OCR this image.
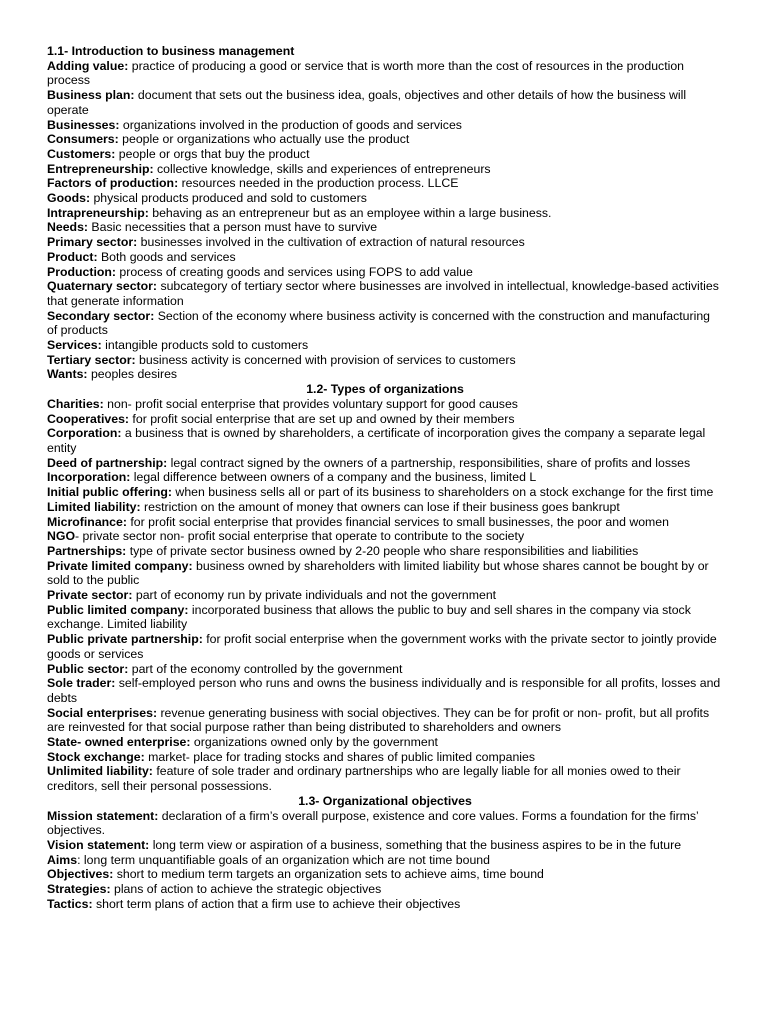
1.1- Introduction to business management

Adding value: practice of producing a good or service that is worth more than the cost of resources in the production process

Business plan: document that sets out the business idea, goals, objectives and other details of how the business will operate

Businesses: organizations involved in the production of goods and services

Consumers: people or organizations who actually use the product

Customers: people or orgs that buy the product

Entrepreneurship: collective knowledge, skills and experiences of entrepreneurs

Factors of production: resources needed in the production process. LLCE

Goods: physical products produced and sold to customers

Intrapreneurship: behaving as an entrepreneur but as an employee within a large business.

Needs: Basic necessities that a person must have to survive

Primary sector: businesses involved in the cultivation of extraction of natural resources

Product: Both goods and services

Production: process of creating goods and services using FOPS to add value

Quaternary sector: subcategory of tertiary sector where businesses are involved in intellectual, knowledge-based activities that generate information

Secondary sector: Section of the economy where business activity is concerned with the construction and manufacturing of products

Services: intangible products sold to customers

Tertiary sector: business activity is concerned with provision of services to customers

Wants: peoples desires

1.2- Types of organizations

Charities: non- profit social enterprise that provides voluntary support for good causes

Cooperatives: for profit social enterprise that are set up and owned by their members

Corporation: a business that is owned by shareholders, a certificate of incorporation gives the company a separate legal entity

Deed of partnership: legal contract signed by the owners of a partnership, responsibilities, share of profits and losses

Incorporation: legal difference between owners of a company and the business, limited L

Initial public offering: when business sells all or part of its business to shareholders on a stock exchange for the first time

Limited liability: restriction on the amount of money that owners can lose if their business goes bankrupt

Microfinance: for profit social enterprise that provides financial services to small businesses, the poor and women

NGO- private sector non- profit social enterprise that operate to contribute to the society

Partnerships: type of private sector business owned by 2-20 people who share responsibilities and liabilities

Private limited company: business owned by shareholders with limited liability but whose shares cannot be bought by or sold to the public

Private sector: part of economy run by private individuals and not the government

Public limited company: incorporated business that allows the public to buy and sell shares in the company via stock exchange. Limited liability

Public private partnership: for profit social enterprise when the government works with the private sector to jointly provide goods or services

Public sector: part of the economy controlled by the government

Sole trader: self-employed person who runs and owns the business individually and is responsible for all profits, losses and debts

Social enterprises: revenue generating business with social objectives. They can be for profit or non- profit, but all profits are reinvested for that social purpose rather than being distributed to shareholders and owners

State- owned enterprise: organizations owned only by the government

Stock exchange: market- place for trading stocks and shares of public limited companies

Unlimited liability: feature of sole trader and ordinary partnerships who are legally liable for all monies owed to their creditors, sell their personal possessions.

1.3- Organizational objectives

Mission statement: declaration of a firm’s overall purpose, existence and core values. Forms a foundation for the firms’ objectives.

Vision statement: long term view or aspiration of a business, something that the business aspires to be in the future

Aims: long term unquantifiable goals of an organization which are not time bound

Objectives: short to medium term targets an organization sets to achieve aims, time bound

Strategies: plans of action to achieve the strategic objectives

Tactics: short term plans of action that a firm use to achieve their objectives
